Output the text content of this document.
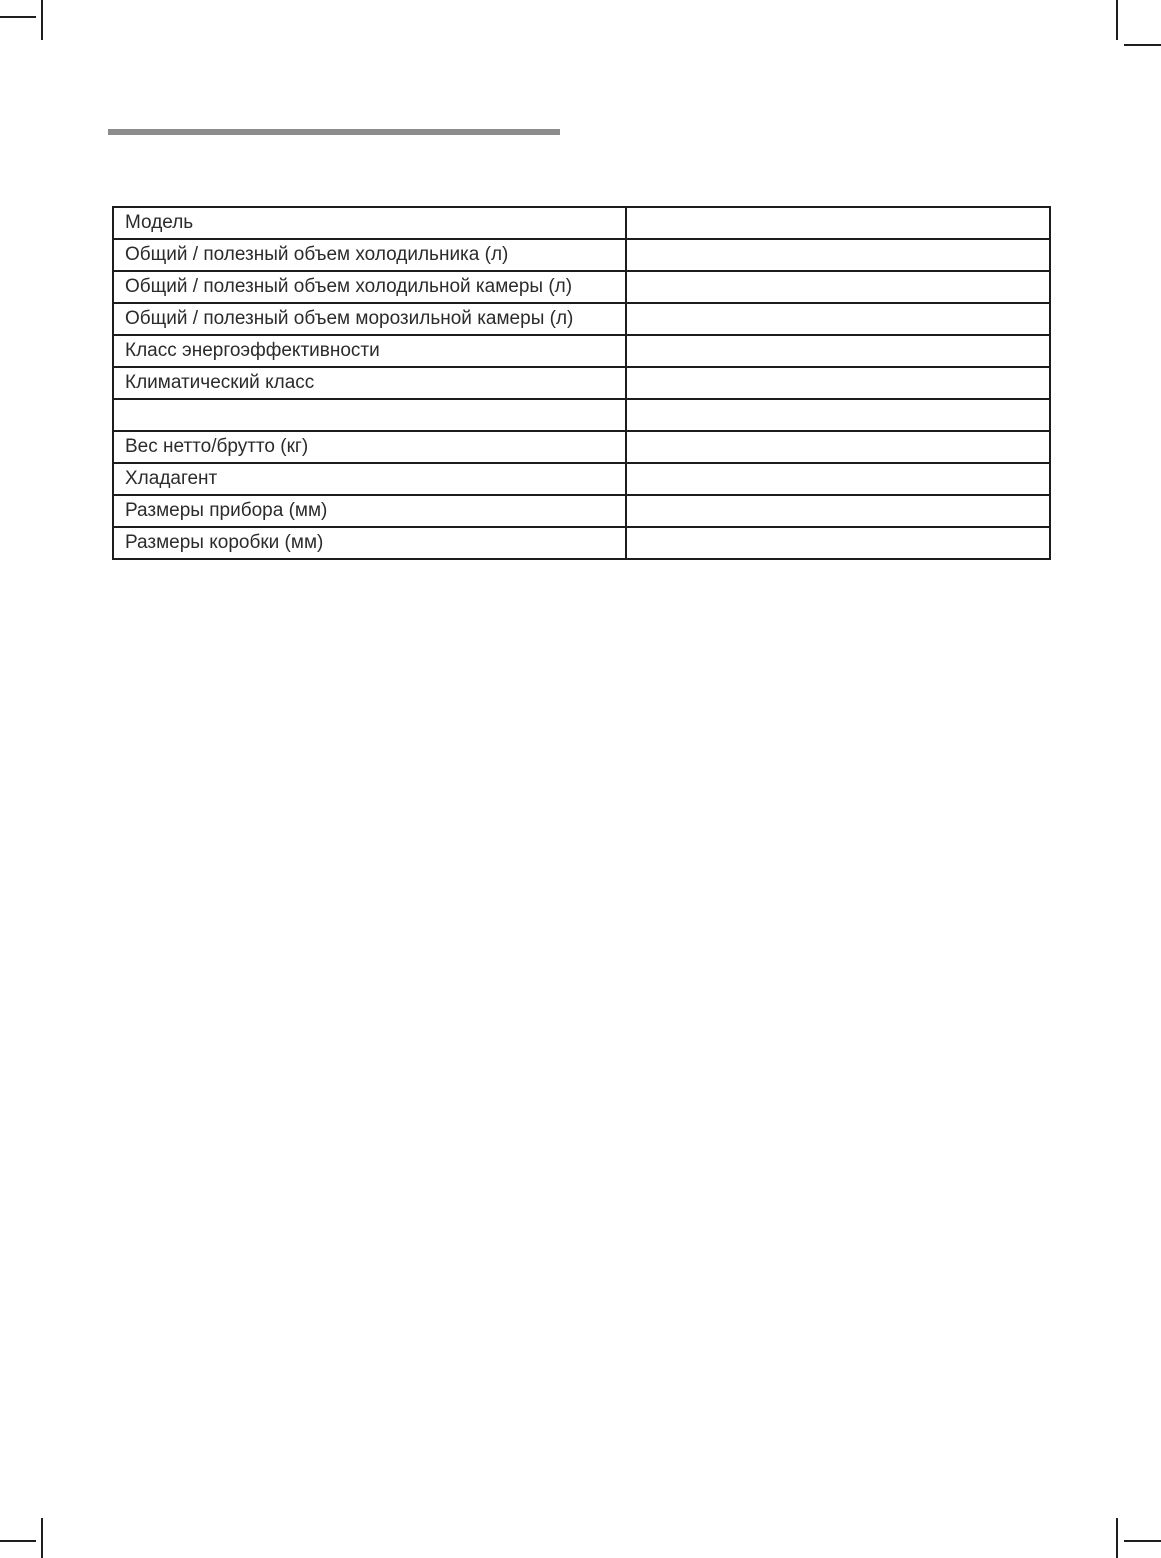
Модель	
Общий / полезный объем холодильника (л)	
Общий / полезный объем холодильной камеры (л)	
Общий / полезный объем морозильной камеры (л)	
Класс энергоэффективности	
Климатический класс	

Вес нетто/брутто (кг)	
Хладагент	
Размеры прибора (мм)	
Размеры коробки (мм)	
